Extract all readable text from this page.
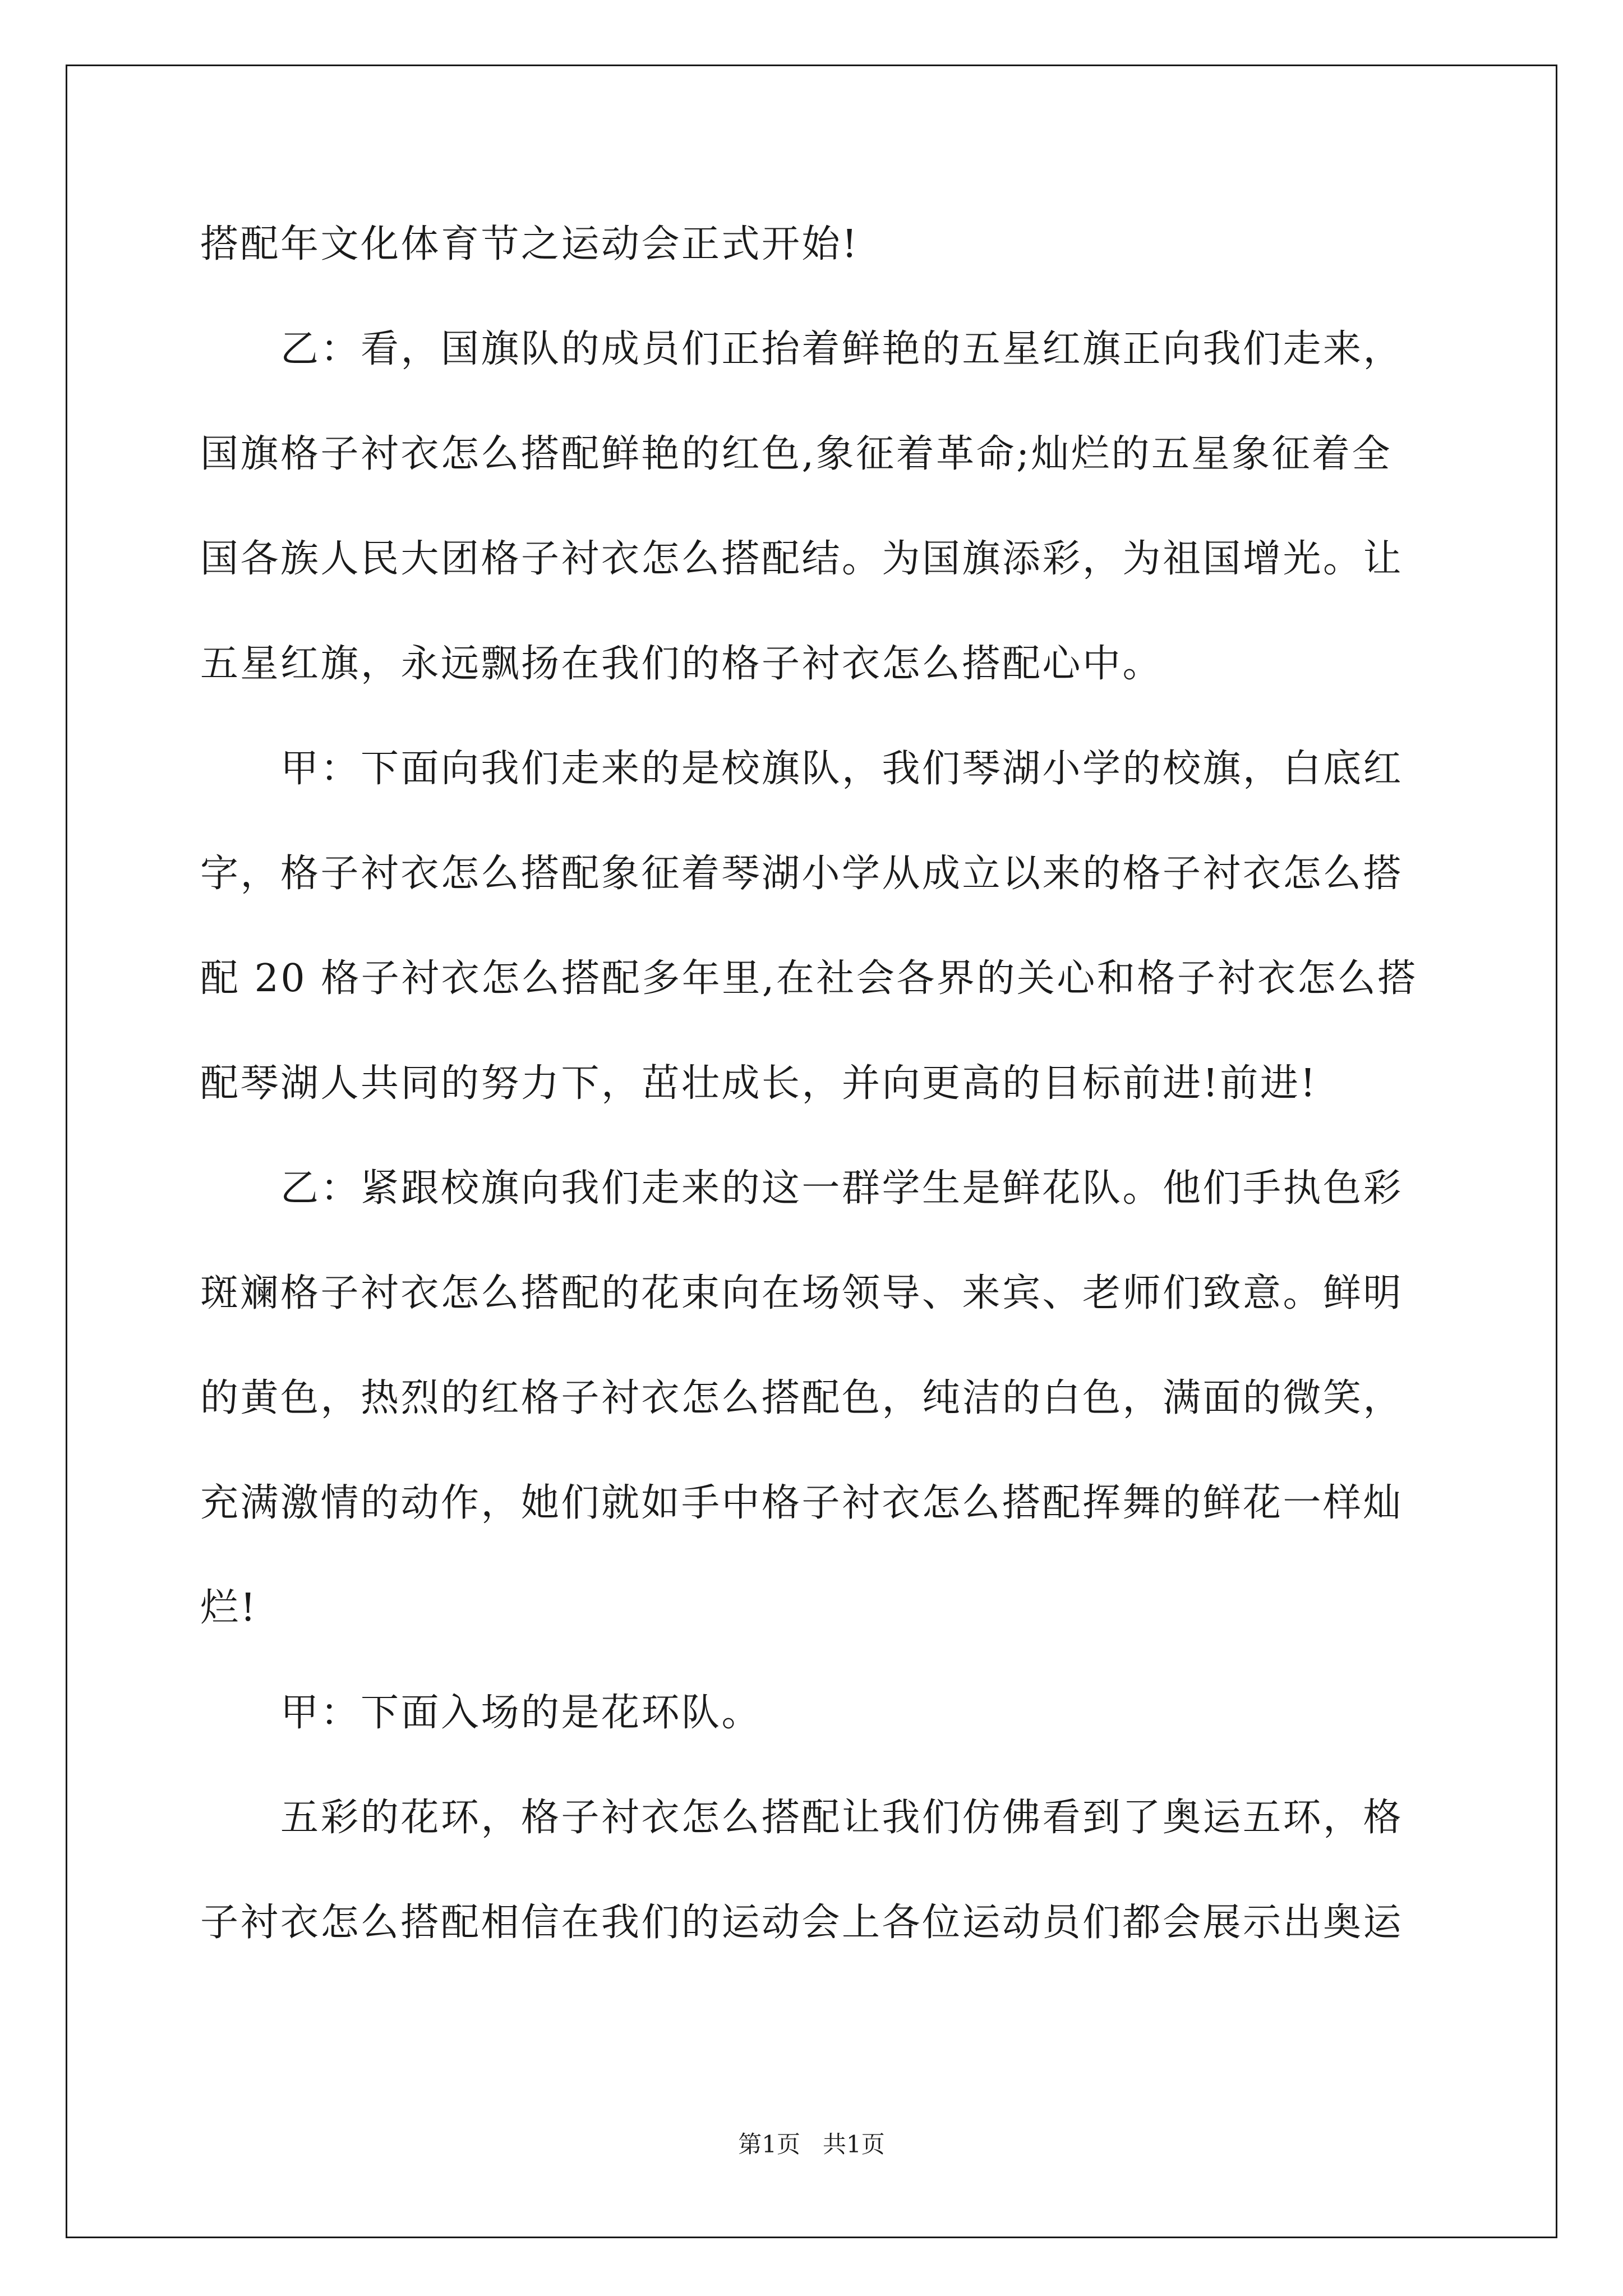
搭配年文化体育节之运动会正式开始!
乙：看，国旗队的成员们正抬着鲜艳的五星红旗正向我们走来，
国旗格子衬衣怎么搭配鲜艳的红色,象征着革命;灿烂的五星象征着全
国各族人民大团格子衬衣怎么搭配结。为国旗添彩，为祖国增光。让
五星红旗，永远飘扬在我们的格子衬衣怎么搭配心中。
甲：下面向我们走来的是校旗队，我们琴湖小学的校旗，白底红
字，格子衬衣怎么搭配象征着琴湖小学从成立以来的格子衬衣怎么搭
配 20 格子衬衣怎么搭配多年里,在社会各界的关心和格子衬衣怎么搭
配琴湖人共同的努力下，茁壮成长，并向更高的目标前进!前进!
乙：紧跟校旗向我们走来的这一群学生是鲜花队。他们手执色彩
斑斓格子衬衣怎么搭配的花束向在场领导、来宾、老师们致意。鲜明
的黄色，热烈的红格子衬衣怎么搭配色，纯洁的白色，满面的微笑，
充满激情的动作，她们就如手中格子衬衣怎么搭配挥舞的鲜花一样灿
烂!
甲：下面入场的是花环队。
五彩的花环，格子衬衣怎么搭配让我们仿佛看到了奥运五环，格
子衬衣怎么搭配相信在我们的运动会上各位运动员们都会展示出奥运
第1页   共1页
